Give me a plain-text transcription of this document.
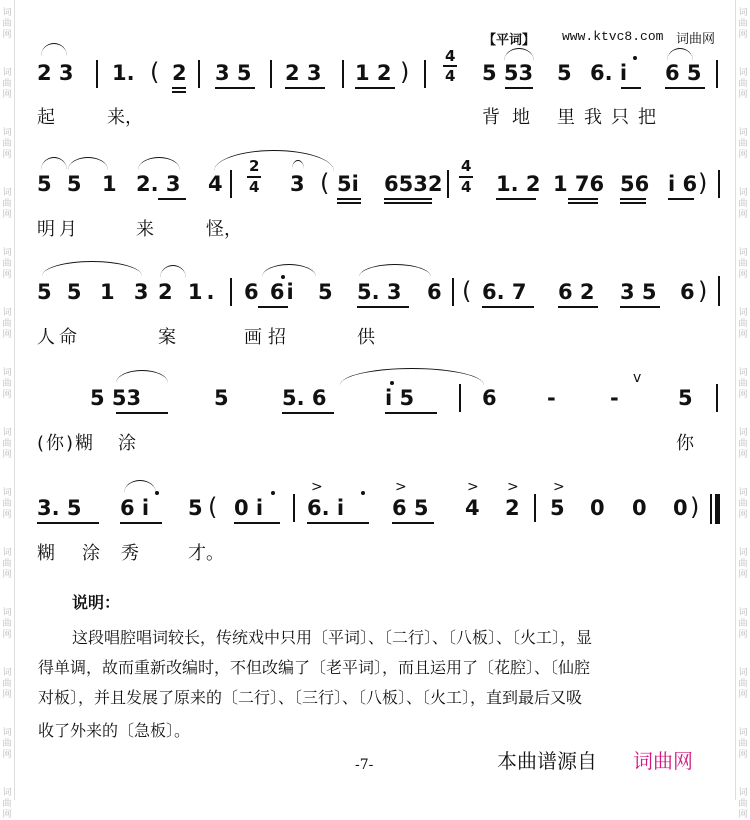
词
曲
网
词
曲
网
词
曲
网
词
曲
网
词
曲
网
词
曲
网
词
曲
网
词
曲
网
词
曲
网
词
曲
网
词
曲
网
词
曲
网
词
曲
网
词
曲
网
词
曲
网
词
曲
网
词
曲
网
词
曲
网
词
曲
网
词
曲
网
词
曲
网
词
曲
网
词
曲
网
词
曲
网
词
曲
网
词
曲
网
词
曲
网
词
曲
网
【平词】 www.ktvc8.com 词曲网
2 3 1. ( 2 3 5 2 3 1 2 )
4
4 5 53 5 6. i 6 5
起	来，	背地 里我只把
5 5 1 2. 3 4
2
4 3 ( 5i 6532
4
4 1. 2 1 76 56 i 6 )
明月	来	怪，
5 5 1 3 2 1. 6 6i 5 5. 3 6 ( 6. 7 6 2 3 5 6 )
人命	案	画招	供
5 53	5	5. 6	i 5	6 -	-
v
5
(你)糊 涂	你
3. 5 6 i 5 ( 0 i
>
6. i
>
6 5
>
4
>
2
>
5 0 0 0 )
糊 涂 秀	才。
说明：
这段唱腔唱词较长，传统戏中只用〔平词〕、〔二行〕、〔八板〕、〔火工〕，显
得单调，故而重新改编时，不但改编了〔老平词〕，而且运用了〔花腔〕、〔仙腔
对板〕，并且发展了原来的〔二行〕、〔三行〕、〔八板〕、〔火工〕，直到最后又吸
收了外来的〔急板〕。
-7-	本曲谱源自 词曲网
